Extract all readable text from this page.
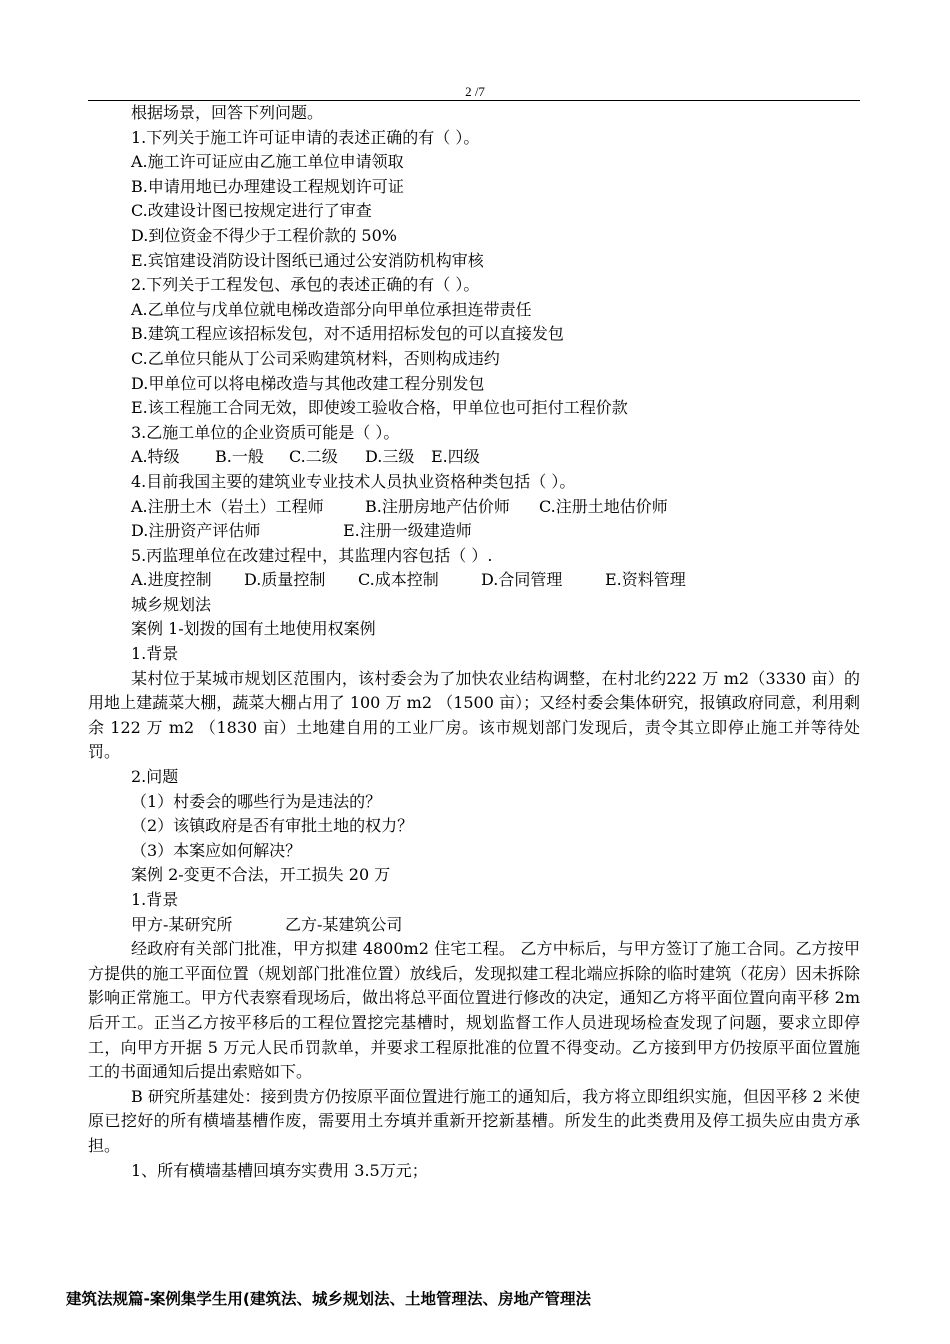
2 /7
根据场景，回答下列问题。
1.下列关于施工许可证申请的表述正确的有（ ）。
A.施工许可证应由乙施工单位申请领取
B.申请用地已办理建设工程规划许可证
C.改建设计图已按规定进行了审查
D.到位资金不得少于工程价款的 50%
E.宾馆建设消防设计图纸已通过公安消防机构审核
2.下列关于工程发包、承包的表述正确的有（ ）。
A.乙单位与戊单位就电梯改造部分向甲单位承担连带责任
B.建筑工程应该招标发包，对不适用招标发包的可以直接发包
C.乙单位只能从丁公司采购建筑材料，否则构成违约
D.甲单位可以将电梯改造与其他改建工程分别发包
E.该工程施工合同无效，即使竣工验收合格，甲单位也可拒付工程价款
3.乙施工单位的企业资质可能是（ ）。
A.特级 B.一般 C.二级 D.三级 E.四级
4.目前我国主要的建筑业专业技术人员执业资格种类包括（ ）。
A.注册土木（岩土）工程师	B.注册房地产估价师 C.注册土地估价师
D.注册资产评估师	E.注册一级建造师
5.丙监理单位在改建过程中，其监理内容包括（ ）.
A.进度控制 D.质量控制 C.成本控制	D.合同管理	E.资料管理
城乡规划法
案例 1-划拨的国有土地使用权案例
1.背景
某村位于某城市规划区范围内，该村委会为了加快农业结构调整，在村北约222 万 m2（3330 亩）的用地上建蔬菜大棚，蔬菜大棚占用了 100 万 m2 （1500 亩）；又经村委会集体研究，报镇政府同意，利用剩余 122 万 m2 （1830 亩）土地建自用的工业厂房。该市规划部门发现后，责令其立即停止施工并等待处罚。
2.问题
（1）村委会的哪些行为是违法的？
（2）该镇政府是否有审批土地的权力？
（3）本案应如何解决？
案例 2-变更不合法，开工损失 20 万
1.背景
甲方-某研究所	乙方-某建筑公司
经政府有关部门批准，甲方拟建 4800m2 住宅工程。 乙方中标后，与甲方签订了施工合同。乙方按甲方提供的施工平面位置（规划部门批准位置）放线后，发现拟建工程北端应拆除的临时建筑（花房）因未拆除影响正常施工。甲方代表察看现场后，做出将总平面位置进行修改的决定，通知乙方将平面位置向南平移 2m 后开工。正当乙方按平移后的工程位置挖完基槽时，规划监督工作人员进现场检查发现了问题，要求立即停工，向甲方开据 5 万元人民币罚款单，并要求工程原批准的位置不得变动。乙方接到甲方仍按原平面位置施工的书面通知后提出索赔如下。
B 研究所基建处：接到贵方仍按原平面位置进行施工的通知后，我方将立即组织实施，但因平移 2 米使原已挖好的所有横墙基槽作废，需要用土夯填并重新开挖新基槽。所发生的此类费用及停工损失应由贵方承担。
1、所有横墙基槽回填夯实费用 3.5万元；
建筑法规篇-案例集学生用(建筑法、城乡规划法、土地管理法、房地产管理法
